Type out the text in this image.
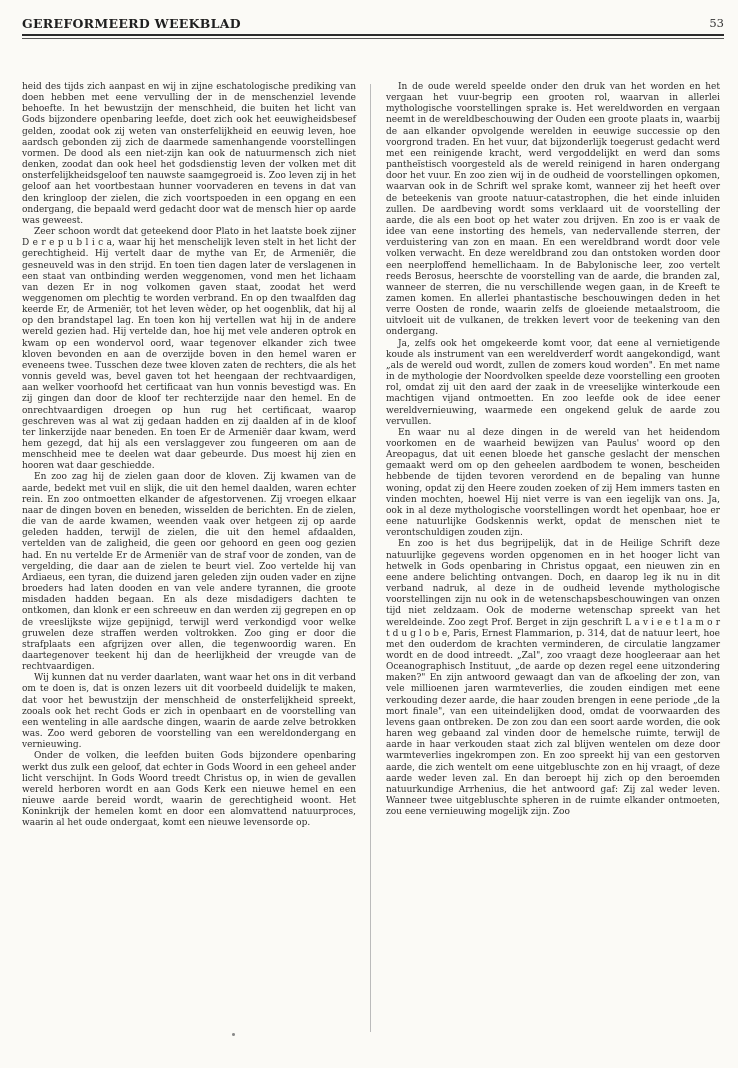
GEREFORMEERD WEEKBLAD	53

heid des tijds zich aanpast en wij in zijne eschatologische prediking van doen hebben met eene vervulling der in de menschenziel levende behoefte. In het bewustzijn der menschheid, die buiten het licht van Gods bijzondere openbaring leefde, doet zich ook het eeuwigheidsbesef gelden, zoodat ook zij weten van onsterfelijkheid en eeuwig leven, hoe aardsch gebonden zij zich de daarmede samenhangende voorstellingen vormen. De dood als een niet-zijn kan ook de natuurmensch zich niet denken, zoodat dan ook heel het godsdienstig leven der volken met dit onsterfelijkheidsgeloof ten nauwste saamgegroeid is. Zoo leven zij in het geloof aan het voortbestaan hunner voorvaderen en tevens in dat van den kringloop der zielen, die zich voortspoeden in een opgang en een ondergang, die bepaald werd gedacht door wat de mensch hier op aarde was geweest.

Zeer schoon wordt dat geteekend door Plato in het laatste boek zijner D e r e p u b l i c a, waar hij het menschelijk leven stelt in het licht der gerechtigheid. Hij vertelt daar de mythe van Er, de Armeniër, die gesneuveld was in den strijd. En toen tien dagen later de verslagenen in een staat van ontbinding werden weggenomen, vond men het lichaam van dezen Er in nog volkomen gaven staat, zoodat het werd weggenomen om plechtig te worden verbrand. En op den twaalfden dag keerde Er, de Armeniër, tot het leven wèder, op het oogenblik, dat hij al op den brandstapel lag. En toen kon hij vertellen wat hij in de andere wereld gezien had. Hij vertelde dan, hoe hij met vele anderen optrok en kwam op een wondervol oord, waar tegenover elkander zich twee kloven bevonden en aan de overzijde boven in den hemel waren er eveneens twee. Tusschen deze twee kloven zaten de rechters, die als het vonnis geveld was, bevel gaven tot het heengaan der rechtvaardigen, aan welker voorhoofd het certificaat van hun vonnis bevestigd was. En zij gingen dan door de kloof ter rechterzijde naar den hemel. En de onrechtvaardigen droegen op hun rug het certificaat, waarop geschreven was al wat zij gedaan hadden en zij daalden af in de kloof ter linkerzijde naar beneden. En toen Er de Armeniër daar kwam, werd hem gezegd, dat hij als een verslaggever zou fungeeren om aan de menschheid mee te deelen wat daar gebeurde. Dus moest hij zien en hooren wat daar geschiedde.

En zoo zag hij de zielen gaan door de kloven. Zij kwamen van de aarde, bedekt met vuil en slijk, die uit den hemel daalden, waren echter rein. En zoo ontmoetten elkander de afgestorvenen. Zij vroegen elkaar naar de dingen boven en beneden, wisselden de berichten. En de zielen, die van de aarde kwamen, weenden vaak over hetgeen zij op aarde geleden hadden, terwijl de zielen, die uit den hemel afdaalden, vertelden van de zaligheid, die geen oor gehoord en geen oog gezien had. En nu vertelde Er de Armeniër van de straf voor de zonden, van de vergelding, die daar aan de zielen te beurt viel. Zoo vertelde hij van Ardiaeus, een tyran, die duizend jaren geleden zijn ouden vader en zijne broeders had laten dooden en van vele andere tyrannen, die groote misdaden hadden begaan. En als deze misdadigers dachten te ontkomen, dan klonk er een schreeuw en dan werden zij gegrepen en op de vreeslijkste wijze gepijnigd, terwijl werd verkondigd voor welke gruwelen deze straffen werden voltrokken. Zoo ging er door die strafplaats een afgrijzen over allen, die tegenwoordig waren. En daartegenover teekent hij dan de heerlijkheid der vreugde van de rechtvaardigen.

Wij kunnen dat nu verder daarlaten, want waar het ons in dit verband om te doen is, dat is onzen lezers uit dit voorbeeld duidelijk te maken, dat voor het bewustzijn der menschheid de onsterfelijkheid spreekt, zooals ook het recht Gods er zich in openbaart en de voorstelling van een wenteling in alle aardsche dingen, waarin de aarde zelve betrokken was. Zoo werd geboren de voorstelling van een wereldondergang en vernieuwing.

Onder de volken, die leefden buiten Gods bijzondere openbaring werkt dus zulk een geloof, dat echter in Gods Woord in een geheel ander licht verschijnt. In Gods Woord treedt Christus op, in wien de gevallen wereld herboren wordt en aan Gods Kerk een nieuwe hemel en een nieuwe aarde bereid wordt, waarin de gerechtigheid woont. Het Koninkrijk der hemelen komt en door een alomvattend natuurproces, waarin al het oude ondergaat, komt een nieuwe levensorde op.

In de oude wereld speelde onder den druk van het worden en het vergaan het vuur-begrip een grooten rol, waarvan in allerlei mythologische voorstellingen sprake is. Het wereldworden en vergaan neemt in de wereldbeschouwing der Ouden een groote plaats in, waarbij de aan elkander opvolgende werelden in eeuwige successie op den voorgrond traden. En het vuur, dat bijzonderlijk toegerust gedacht werd met een reinigende kracht, werd vergoddelijkt en werd dan soms pantheïstisch voorgesteld als de wereld reinigend in haren ondergang door het vuur. En zoo zien wij in de oudheid de voorstellingen opkomen, waarvan ook in de Schrift wel sprake komt, wanneer zij het heeft over de beteekenis van groote natuur-catastrophen, die het einde inluiden zullen. De aardbeving wordt soms verklaard uit de voorstelling der aarde, die als een boot op het water zou drijven. En zoo is er vaak de idee van eene instorting des hemels, van nedervallende sterren, der verduistering van zon en maan. En een wereldbrand wordt door vele volken verwacht. En deze wereldbrand zou dan ontstoken worden door een neerploffend hemellichaam. In de Babylonische leer, zoo vertelt reeds Berosus, heerschte de voorstelling van de aarde, die branden zal, wanneer de sterren, die nu verschillende wegen gaan, in de Kreeft te zamen komen. En allerlei phantastische beschouwingen deden in het verre Oosten de ronde, waarin zelfs de gloeiende metaalstroom, die uitvloeit uit de vulkanen, de trekken levert voor de teekening van den ondergang.

Ja, zelfs ook het omgekeerde komt voor, dat eene al vernietigende koude als instrument van een wereldverderf wordt aangekondigd, want „als de wereld oud wordt, zullen de zomers koud worden". En met name in de mythologie der Noordvolken speelde deze voorstelling een grooten rol, omdat zij uit den aard der zaak in de vreeselijke winterkoude een machtigen vijand ontmoetten. En zoo leefde ook de idee eener wereldvernieuwing, waarmede een ongekend geluk de aarde zou vervullen.

En waar nu al deze dingen in de wereld van het heidendom voorkomen en de waarheid bewijzen van Paulus' woord op den Areopagus, dat uit eenen bloede het gansche geslacht der menschen gemaakt werd om op den geheelen aardbodem te wonen, bescheiden hebbende de tijden tevoren verordend en de bepaling van hunne woning, opdat zij den Heere zouden zoeken of zij Hem immers tasten en vinden mochten, hoewel Hij niet verre is van een iegelijk van ons. Ja, ook in al deze mythologische voorstellingen wordt het openbaar, hoe er eene natuurlijke Godskennis werkt, opdat de menschen niet te verontschuldigen zouden zijn.

En zoo is het dus begrijpelijk, dat in de Heilige Schrift deze natuurlijke gegevens worden opgenomen en in het hooger licht van hetwelk in Gods openbaring in Christus opgaat, een nieuwen zin en eene andere belichting ontvangen. Doch, en daarop leg ik nu in dit verband nadruk, al deze in de oudheid levende mythologische voorstellingen zijn nu ook in de wetenschapsbeschouwingen van onzen tijd niet zeldzaam. Ook de moderne wetenschap spreekt van het wereldeinde. Zoo zegt Prof. Berget in zijn geschrift L a v i e e t l a m o r t d u g l o b e, Paris, Ernest Flammarion, p. 314, dat de natuur leert, hoe met den ouderdom de krachten verminderen, de circulatie langzamer wordt en de dood intreedt. „Zal", zoo vraagt deze hoogleeraar aan het Oceanographisch Instituut, „de aarde op dezen regel eene uitzondering maken?" En zijn antwoord gewaagt dan van de afkoeling der zon, van vele millioenen jaren warmteverlies, die zouden eindigen met eene verkouding dezer aarde, die haar zouden brengen in eene periode „de la mort finale", van een uiteindelijken dood, omdat de voorwaarden des levens gaan ontbreken. De zon zou dan een soort aarde worden, die ook haren weg gebaand zal vinden door de hemelsche ruimte, terwijl de aarde in haar verkouden staat zich zal blijven wentelen om deze door warmteverlies ingekrompen zon. En zoo spreekt hij van een gestorven aarde, die zich wentelt om eene uitgebluschte zon en hij vraagt, of deze aarde weder leven zal. En dan beroept hij zich op den beroemden natuurkundige Arrhenius, die het antwoord gaf: Zij zal weder leven. Wanneer twee uitgebluschte spheren in de ruimte elkander ontmoeten, zou eene vernieuwing mogelijk zijn. Zoo
